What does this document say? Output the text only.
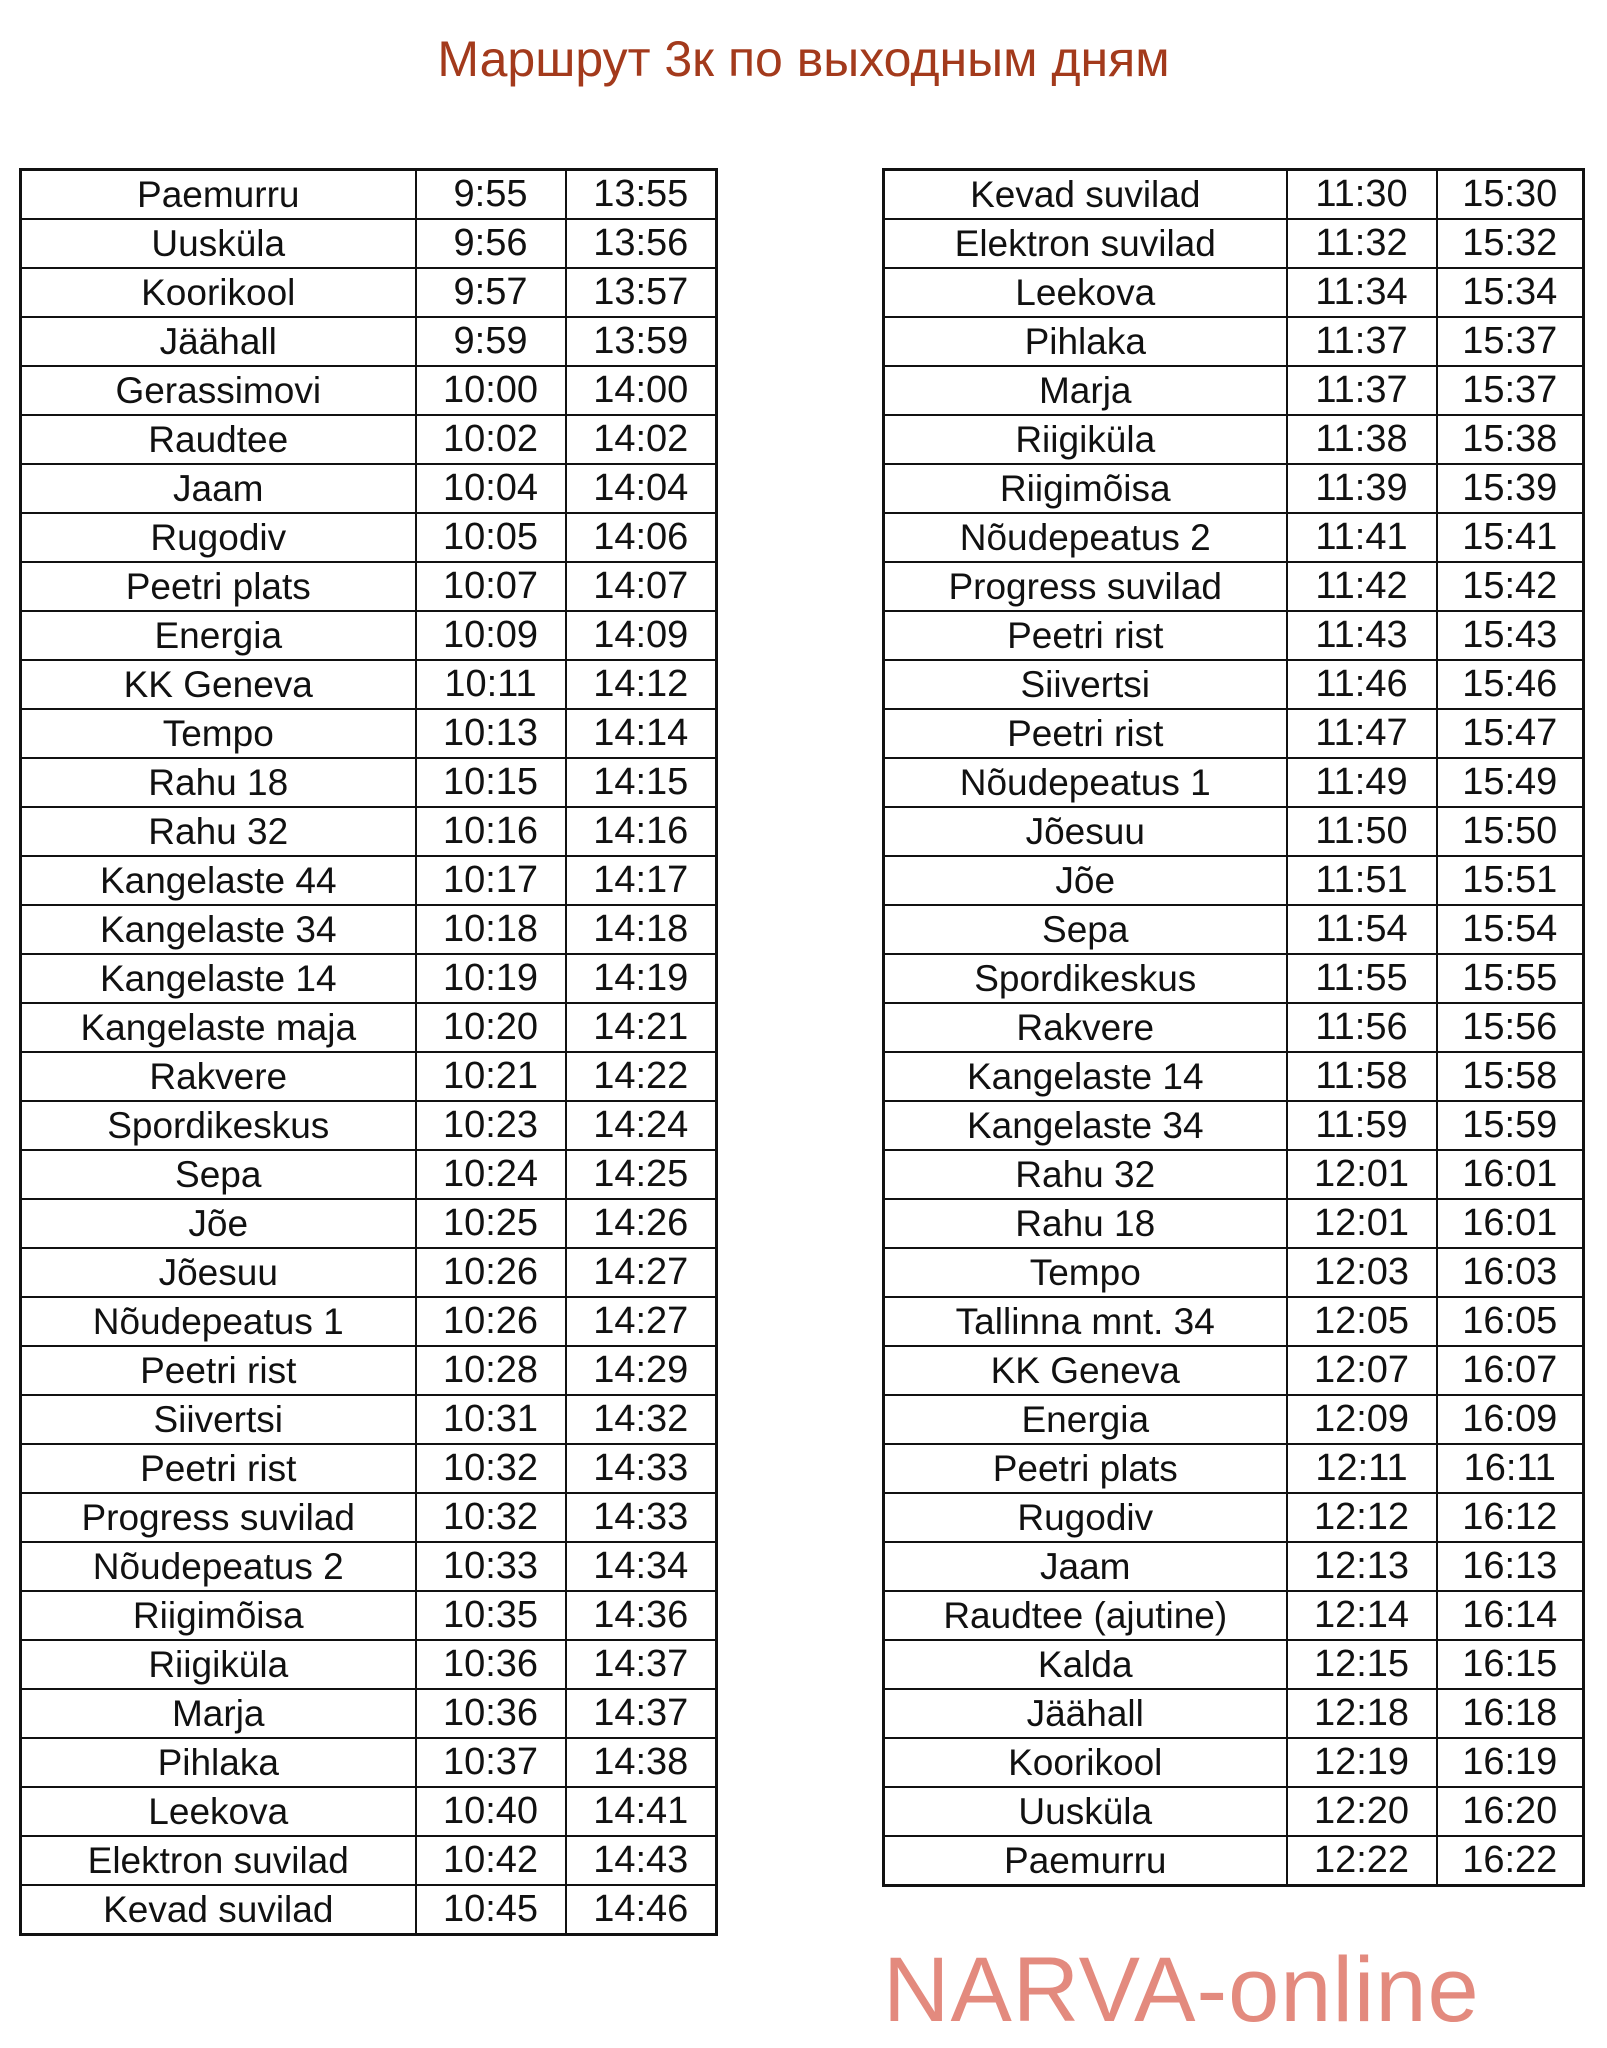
Маршрут 3к по выходным дням
Paemurru	9:55	13:55
Uusküla	9:56	13:56
Koorikool	9:57	13:57
Jäähall	9:59	13:59
Gerassimovi	10:00	14:00
Raudtee	10:02	14:02
Jaam	10:04	14:04
Rugodiv	10:05	14:06
Peetri plats	10:07	14:07
Energia	10:09	14:09
KK Geneva	10:11	14:12
Tempo	10:13	14:14
Rahu 18	10:15	14:15
Rahu 32	10:16	14:16
Kangelaste 44	10:17	14:17
Kangelaste 34	10:18	14:18
Kangelaste 14	10:19	14:19
Kangelaste maja	10:20	14:21
Rakvere	10:21	14:22
Spordikeskus	10:23	14:24
Sepa	10:24	14:25
Jõe	10:25	14:26
Jõesuu	10:26	14:27
Nõudepeatus 1	10:26	14:27
Peetri rist	10:28	14:29
Siivertsi	10:31	14:32
Peetri rist	10:32	14:33
Progress suvilad	10:32	14:33
Nõudepeatus 2	10:33	14:34
Riigimõisa	10:35	14:36
Riigiküla	10:36	14:37
Marja	10:36	14:37
Pihlaka	10:37	14:38
Leekova	10:40	14:41
Elektron suvilad	10:42	14:43
Kevad suvilad	10:45	14:46
Kevad suvilad	11:30	15:30
Elektron suvilad	11:32	15:32
Leekova	11:34	15:34
Pihlaka	11:37	15:37
Marja	11:37	15:37
Riigiküla	11:38	15:38
Riigimõisa	11:39	15:39
Nõudepeatus 2	11:41	15:41
Progress suvilad	11:42	15:42
Peetri rist	11:43	15:43
Siivertsi	11:46	15:46
Peetri rist	11:47	15:47
Nõudepeatus 1	11:49	15:49
Jõesuu	11:50	15:50
Jõe	11:51	15:51
Sepa	11:54	15:54
Spordikeskus	11:55	15:55
Rakvere	11:56	15:56
Kangelaste 14	11:58	15:58
Kangelaste 34	11:59	15:59
Rahu 32	12:01	16:01
Rahu 18	12:01	16:01
Tempo	12:03	16:03
Tallinna mnt. 34	12:05	16:05
KK Geneva	12:07	16:07
Energia	12:09	16:09
Peetri plats	12:11	16:11
Rugodiv	12:12	16:12
Jaam	12:13	16:13
Raudtee (ajutine)	12:14	16:14
Kalda	12:15	16:15
Jäähall	12:18	16:18
Koorikool	12:19	16:19
Uusküla	12:20	16:20
Paemurru	12:22	16:22
NARVA-online
